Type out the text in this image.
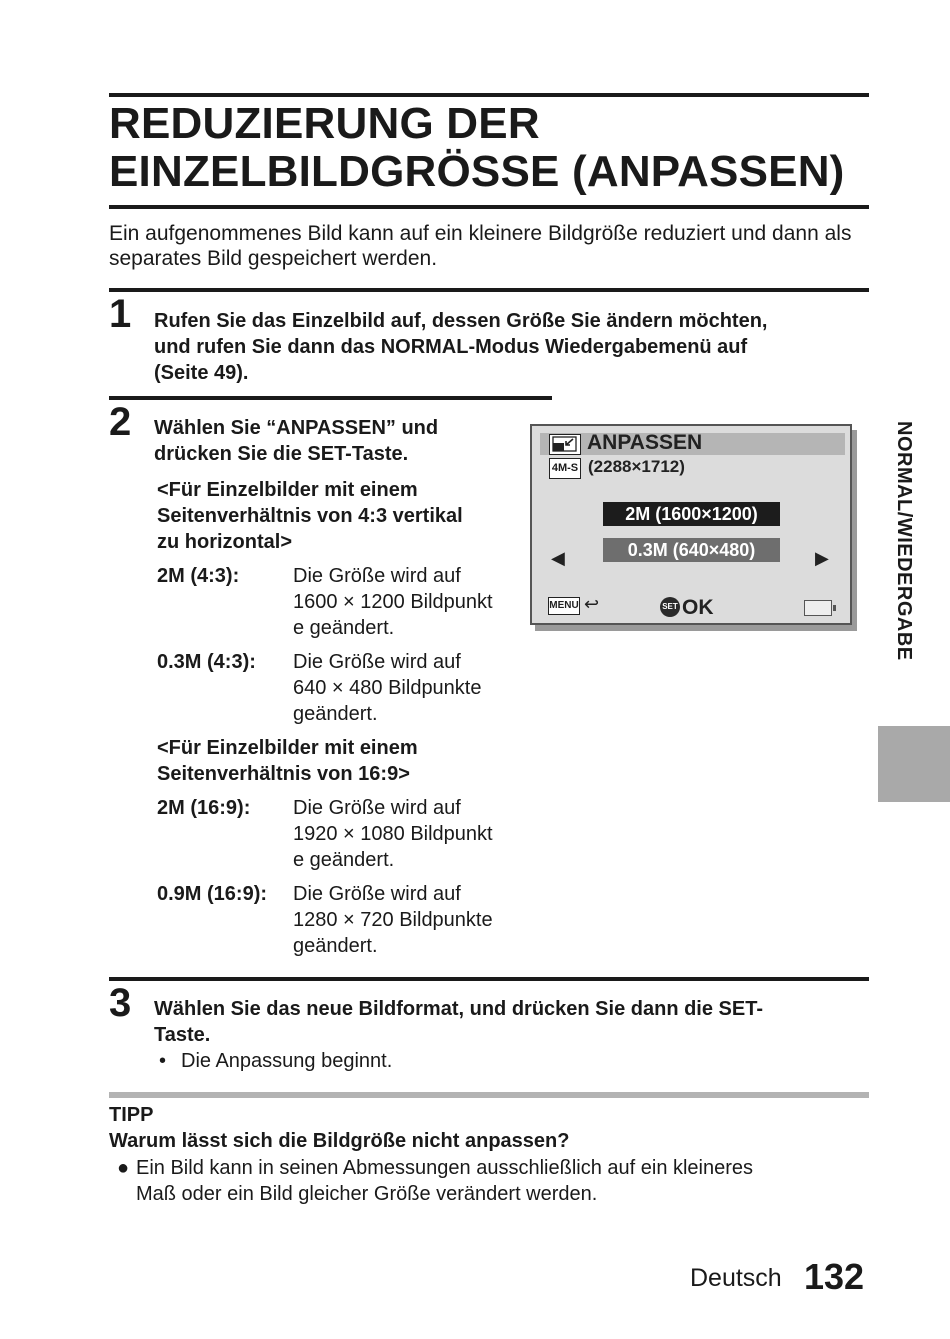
REDUZIERUNG DER
EINZELBILDGRÖSSE (ANPASSEN)

Ein aufgenommenes Bild kann auf ein kleinere Bildgröße reduziert und dann als separates Bild gespeichert werden.

1 Rufen Sie das Einzelbild auf, dessen Größe Sie ändern möchten,
und rufen Sie dann das NORMAL-Modus Wiedergabemenü auf
(Seite 49).

2 Wählen Sie “ANPASSEN” und
drücken Sie die SET-Taste.

<Für Einzelbilder mit einem
Seitenverhältnis von 4:3 vertikal
zu horizontal>

2M (4:3):	Die Größe wird auf
1600 × 1200 Bildpunkt
e geändert.
0.3M (4:3): Die Größe wird auf
640 × 480 Bildpunkte
geändert.

<Für Einzelbilder mit einem
Seitenverhältnis von 16:9>

2M (16:9): Die Größe wird auf
1920 × 1080 Bildpunkt
e geändert.
0.9M (16:9): Die Größe wird auf
1280 × 720 Bildpunkte
geändert.
ANPASSEN
4M-S (2288×1712)
2M (1600×1200)
0.3M (640×480)
◀	▶
MENU ↩	SET OK	NORMAL/WIEDERGABE
3 Wählen Sie das neue Bildformat, und drücken Sie dann die SET-
Taste.

• Die Anpassung beginnt.
TIPP
Warum lässt sich die Bildgröße nicht anpassen?
● Ein Bild kann in seinen Abmessungen ausschließlich auf ein kleineres
Maß oder ein Bild gleicher Größe verändert werden.
Deutsch 132
